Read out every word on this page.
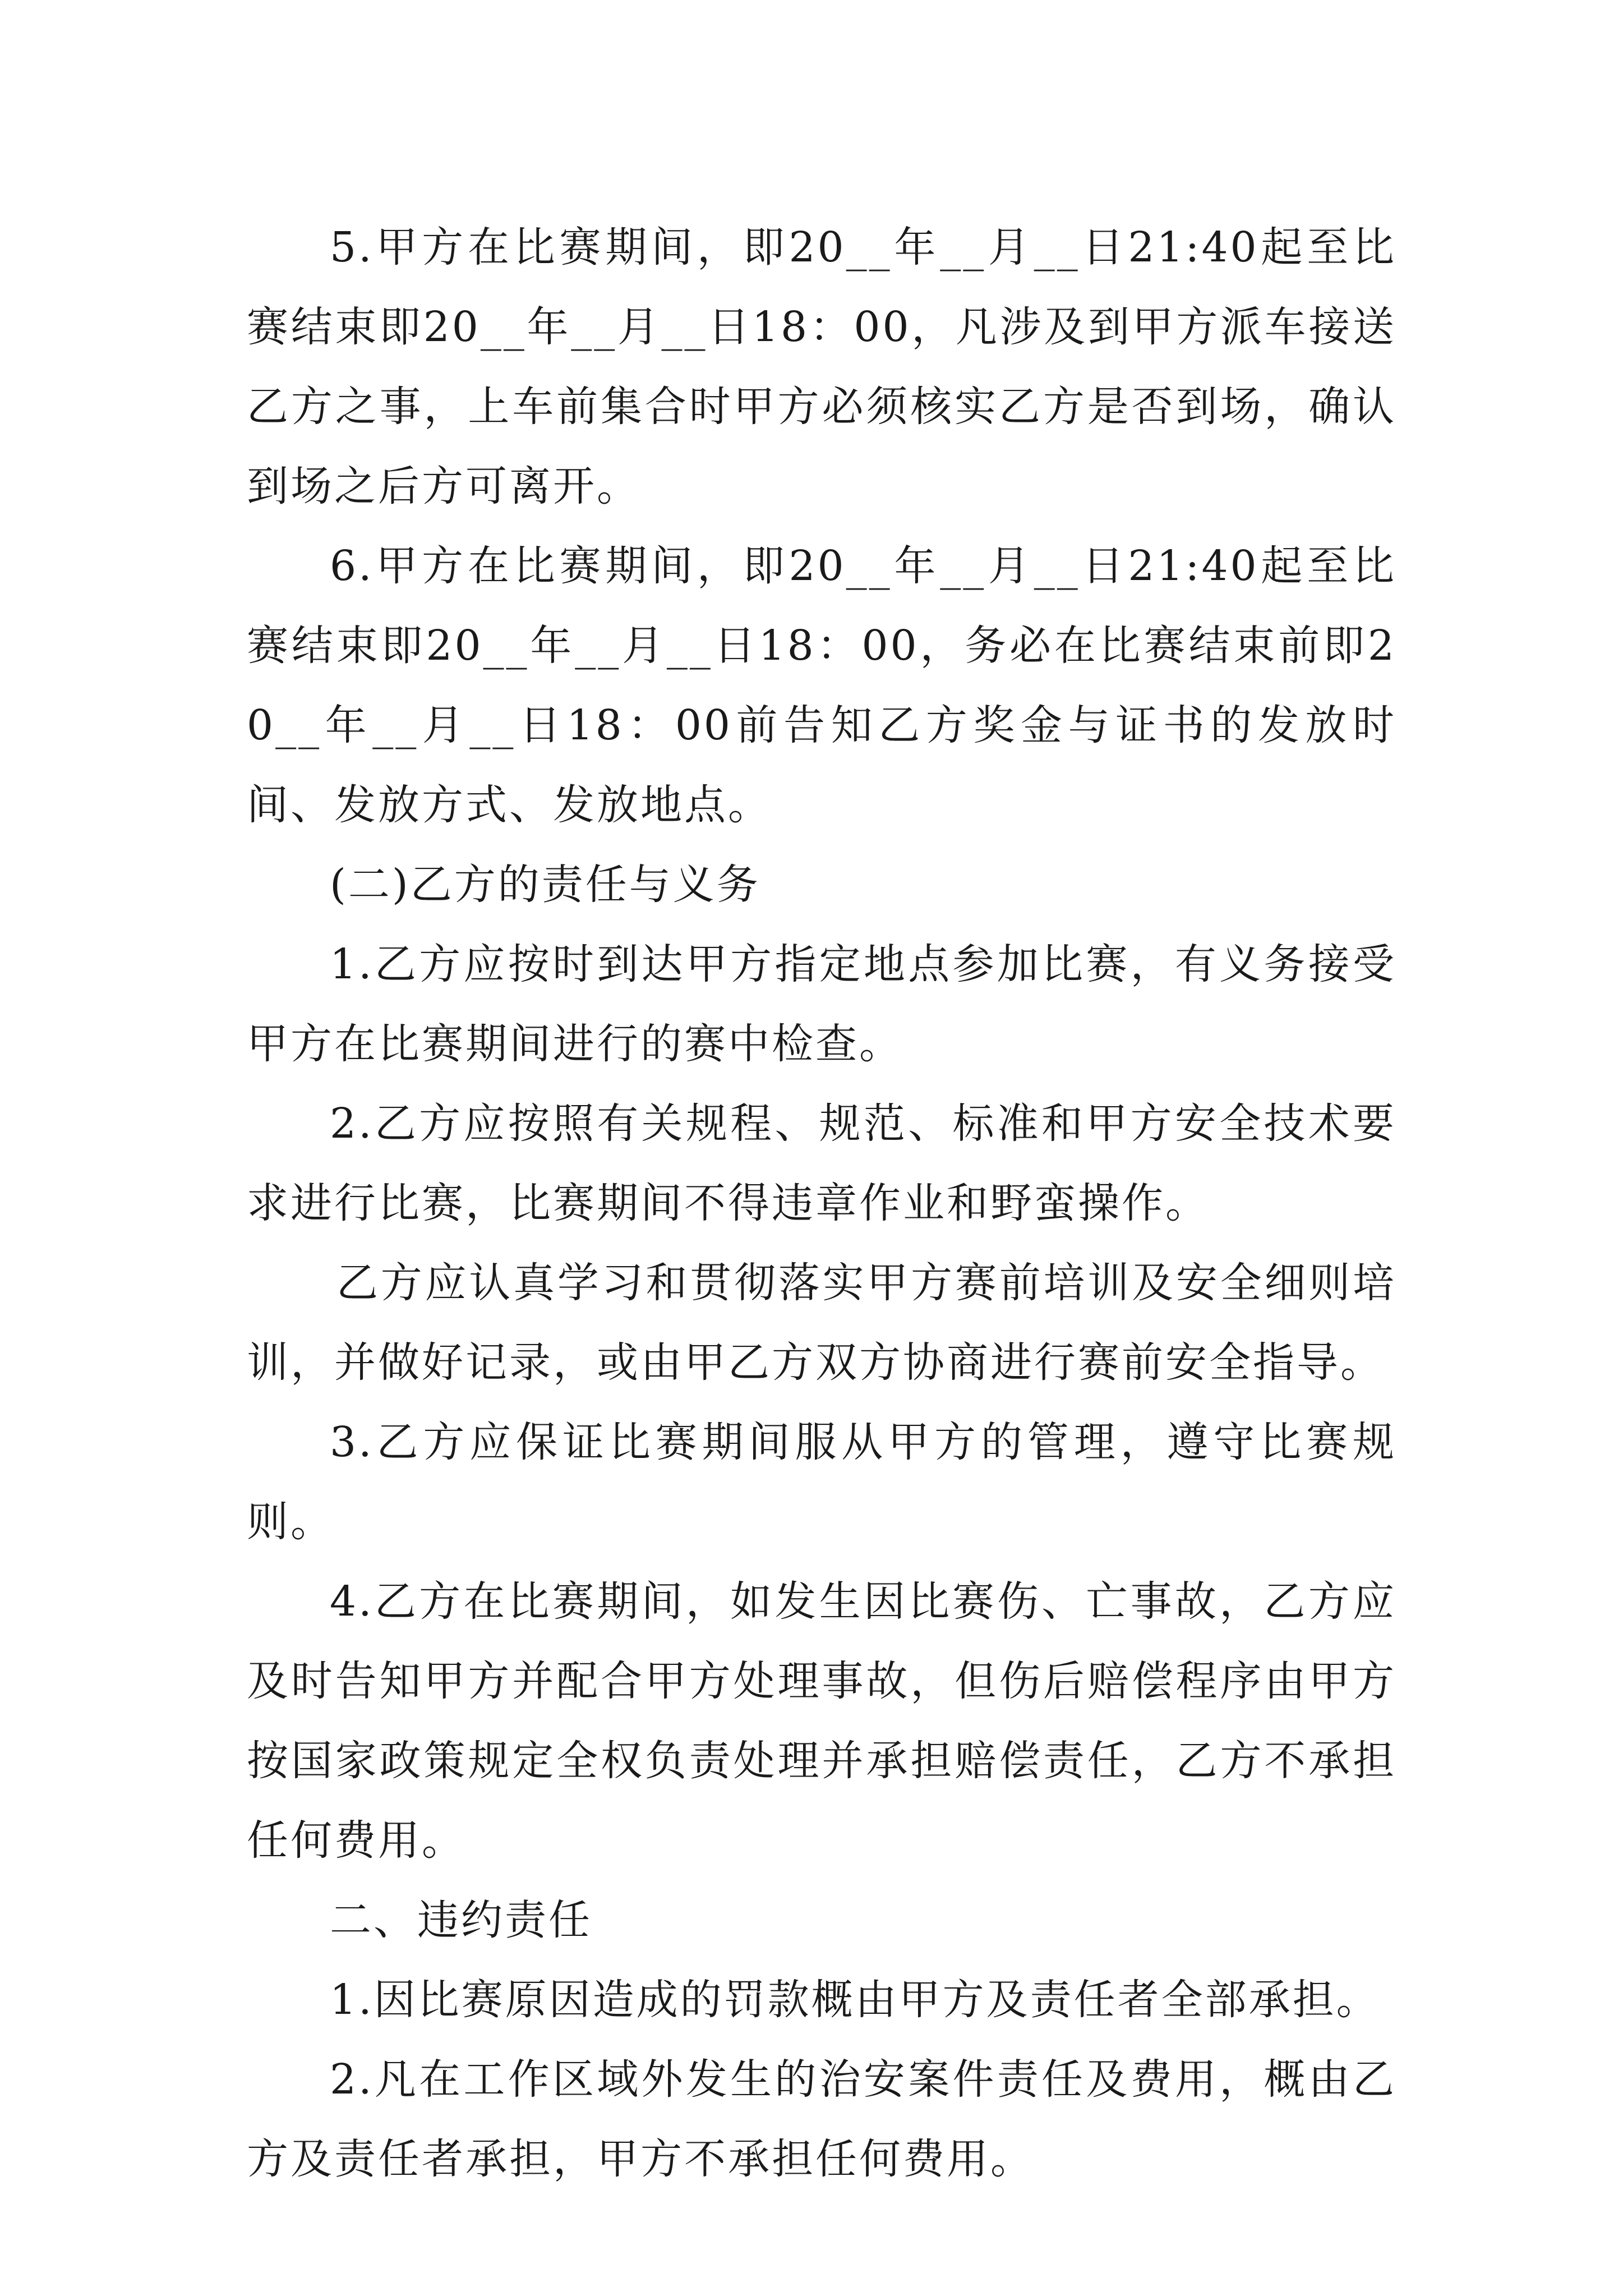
5.甲方在比赛期间，即20__年__月__日21:40起至比赛结束即20__年__月__日18：00，凡涉及到甲方派车接送乙方之事，上车前集合时甲方必须核实乙方是否到场，确认到场之后方可离开。

6.甲方在比赛期间，即20__年__月__日21:40起至比赛结束即20__年__月__日18：00，务必在比赛结束前即20__年__月__日18：00前告知乙方奖金与证书的发放时间、发放方式、发放地点。

(二)乙方的责任与义务

1.乙方应按时到达甲方指定地点参加比赛，有义务接受甲方在比赛期间进行的赛中检查。

2.乙方应按照有关规程、规范、标准和甲方安全技术要求进行比赛，比赛期间不得违章作业和野蛮操作。

乙方应认真学习和贯彻落实甲方赛前培训及安全细则培训，并做好记录，或由甲乙方双方协商进行赛前安全指导。

3.乙方应保证比赛期间服从甲方的管理，遵守比赛规则。

4.乙方在比赛期间，如发生因比赛伤、亡事故，乙方应及时告知甲方并配合甲方处理事故，但伤后赔偿程序由甲方按国家政策规定全权负责处理并承担赔偿责任，乙方不承担任何费用。

二、违约责任

1.因比赛原因造成的罚款概由甲方及责任者全部承担。

2.凡在工作区域外发生的治安案件责任及费用，概由乙方及责任者承担，甲方不承担任何费用。
